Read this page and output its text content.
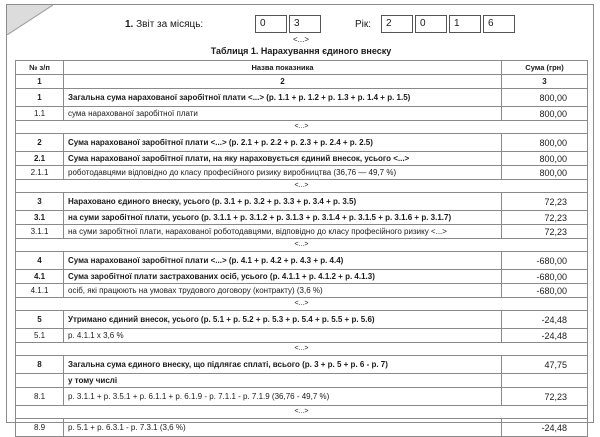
1. Звіт за місяць:	0	3	Рік:	2	0	1	6
<...>
Таблиця 1. Нарахування єдиного внеску
№ з/п	Назва показника	Сума (грн)
1	2	3
1	Загальна сума нарахованої заробітної плати <...> (р. 1.1 + р. 1.2 + р. 1.3 + р. 1.4 + р. 1.5)	800,00
1.1	сума нарахованої заробітної плати	800,00
<...>		
2	Сума нарахованої заробітної плати <...> (р. 2.1 + р. 2.2 + р. 2.3 + р. 2.4 + р. 2.5)	800,00
2.1	Сума нарахованої заробітної плати, на яку нараховується єдиний внесок, усього <...>	800,00
2.1.1	роботодавцями відповідно до класу професійного ризику виробництва (36,76 — 49,7 %)	800,00
<...>		
3	Нараховано єдиного внеску, усього (р. 3.1 + р. 3.2 + р. 3.3 + р. 3.4 + р. 3.5)	72,23
3.1	на суми заробітної плати, усього (р. 3.1.1 + р. 3.1.2 + р. 3.1.3 + р. 3.1.4 + р. 3.1.5 + р. 3.1.6 + р. 3.1.7)	72,23
3.1.1	на суми заробітної плати, нарахованої роботодавцями, відповідно до класу професійного ризику <...>	72,23
<...>		
4	Сума нарахованої заробітної плати <...> (р. 4.1 + р. 4.2 + р. 4.3 + р. 4.4)	-680,00
4.1	Сума заробітної плати застрахованих осіб, усього (р. 4.1.1 + р. 4.1.2 + р. 4.1.3)	-680,00
4.1.1	осіб, які працюють на умовах трудового договору (контракту) (3,6 %)	-680,00
<...>		
5	Утримано єдиний внесок, усього (р. 5.1 + р. 5.2 + р. 5.3 + р. 5.4 + р. 5.5 + р. 5.6)	-24,48
5.1	р. 4.1.1 х 3,6 %	-24,48
<...>		
8	Загальна сума єдиного внеску, що підлягає сплаті, всього (р. 3 + р. 5 + р. 6 - р. 7)	47,75
	у тому числі	
8.1	р. 3.1.1 + р. 3.5.1 + р. 6.1.1 + р. 6.1.9 - р. 7.1.1 - р. 7.1.9 (36,76 - 49,7 %)	72,23
<...>		
8.9	р. 5.1 + р. 6.3.1 - р. 7.3.1 (3,6 %)	-24,48
